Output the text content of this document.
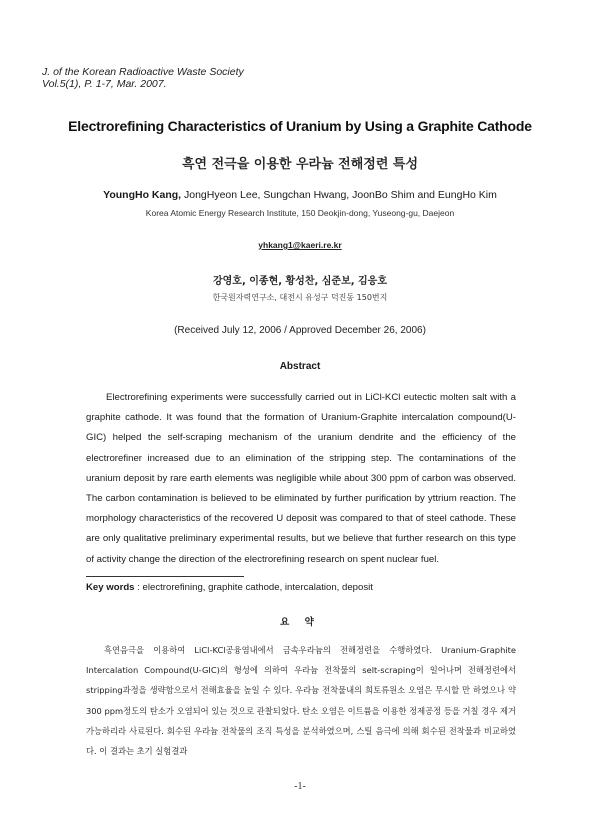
J. of the Korean Radioactive Waste Society
Vol.5(1), P. 1-7, Mar. 2007.
Electrorefining Characteristics of Uranium by Using a Graphite Cathode
흑연 전극을 이용한 우라늄 전해정련 특성
YoungHo Kang, JongHyeon Lee, Sungchan Hwang, JoonBo Shim and EungHo Kim
Korea Atomic Energy Research Institute, 150 Deokjin-dong, Yuseong-gu, Daejeon
yhkang1@kaeri.re.kr
강영호, 이종현, 황성찬, 심준보, 김응호
한국원자력연구소, 대전시 유성구 덕진동 150번지
(Received July 12, 2006 / Approved December 26, 2006)
Abstract
Electrorefining experiments were successfully carried out in LiCl-KCl eutectic molten salt with a graphite cathode. It was found that the formation of Uranium-Graphite intercalation compound(U-GIC) helped the self-scraping mechanism of the uranium dendrite and the efficiency of the electrorefiner increased due to an elimination of the stripping step. The contaminations of the uranium deposit by rare earth elements was negligible while about 300 ppm of carbon was observed. The carbon contamination is believed to be eliminated by further purification by yttrium reaction. The morphology characteristics of the recovered U deposit was compared to that of steel cathode. These are only qualitative preliminary experimental results, but we believe that further research on this type of activity change the direction of the electrorefining research on spent nuclear fuel.
Key words : electrorefining, graphite cathode, intercalation, deposit
요 약
흑연음극을 이용하여 LiCl-KCl공융염내에서 금속우라늄의 전해정련을 수행하였다. Uranium-Graphite Intercalation Compound(U-GIC)의 형성에 의하여 우라늄 전착물의 selt-scraping이 일어나며 전해정련에서 stripping과정을 생략함으로서 전해효율을 높일 수 있다. 우라늄 전착물내의 희토류원소 오염은 무시할 만 하였으나 약 300 ppm정도의 탄소가 오염되어 있는 것으로 관찰되었다. 탄소 오염은 이트륨을 이용한 정제공정 등을 거칠 경우 제거 가능하리라 사료된다. 회수된 우라늄 전착물의 조직 특성을 분석하였으며, 스틸 음극에 의해 회수된 전착물과 비교하였다. 이 결과는 초기 실험결과
-1-
